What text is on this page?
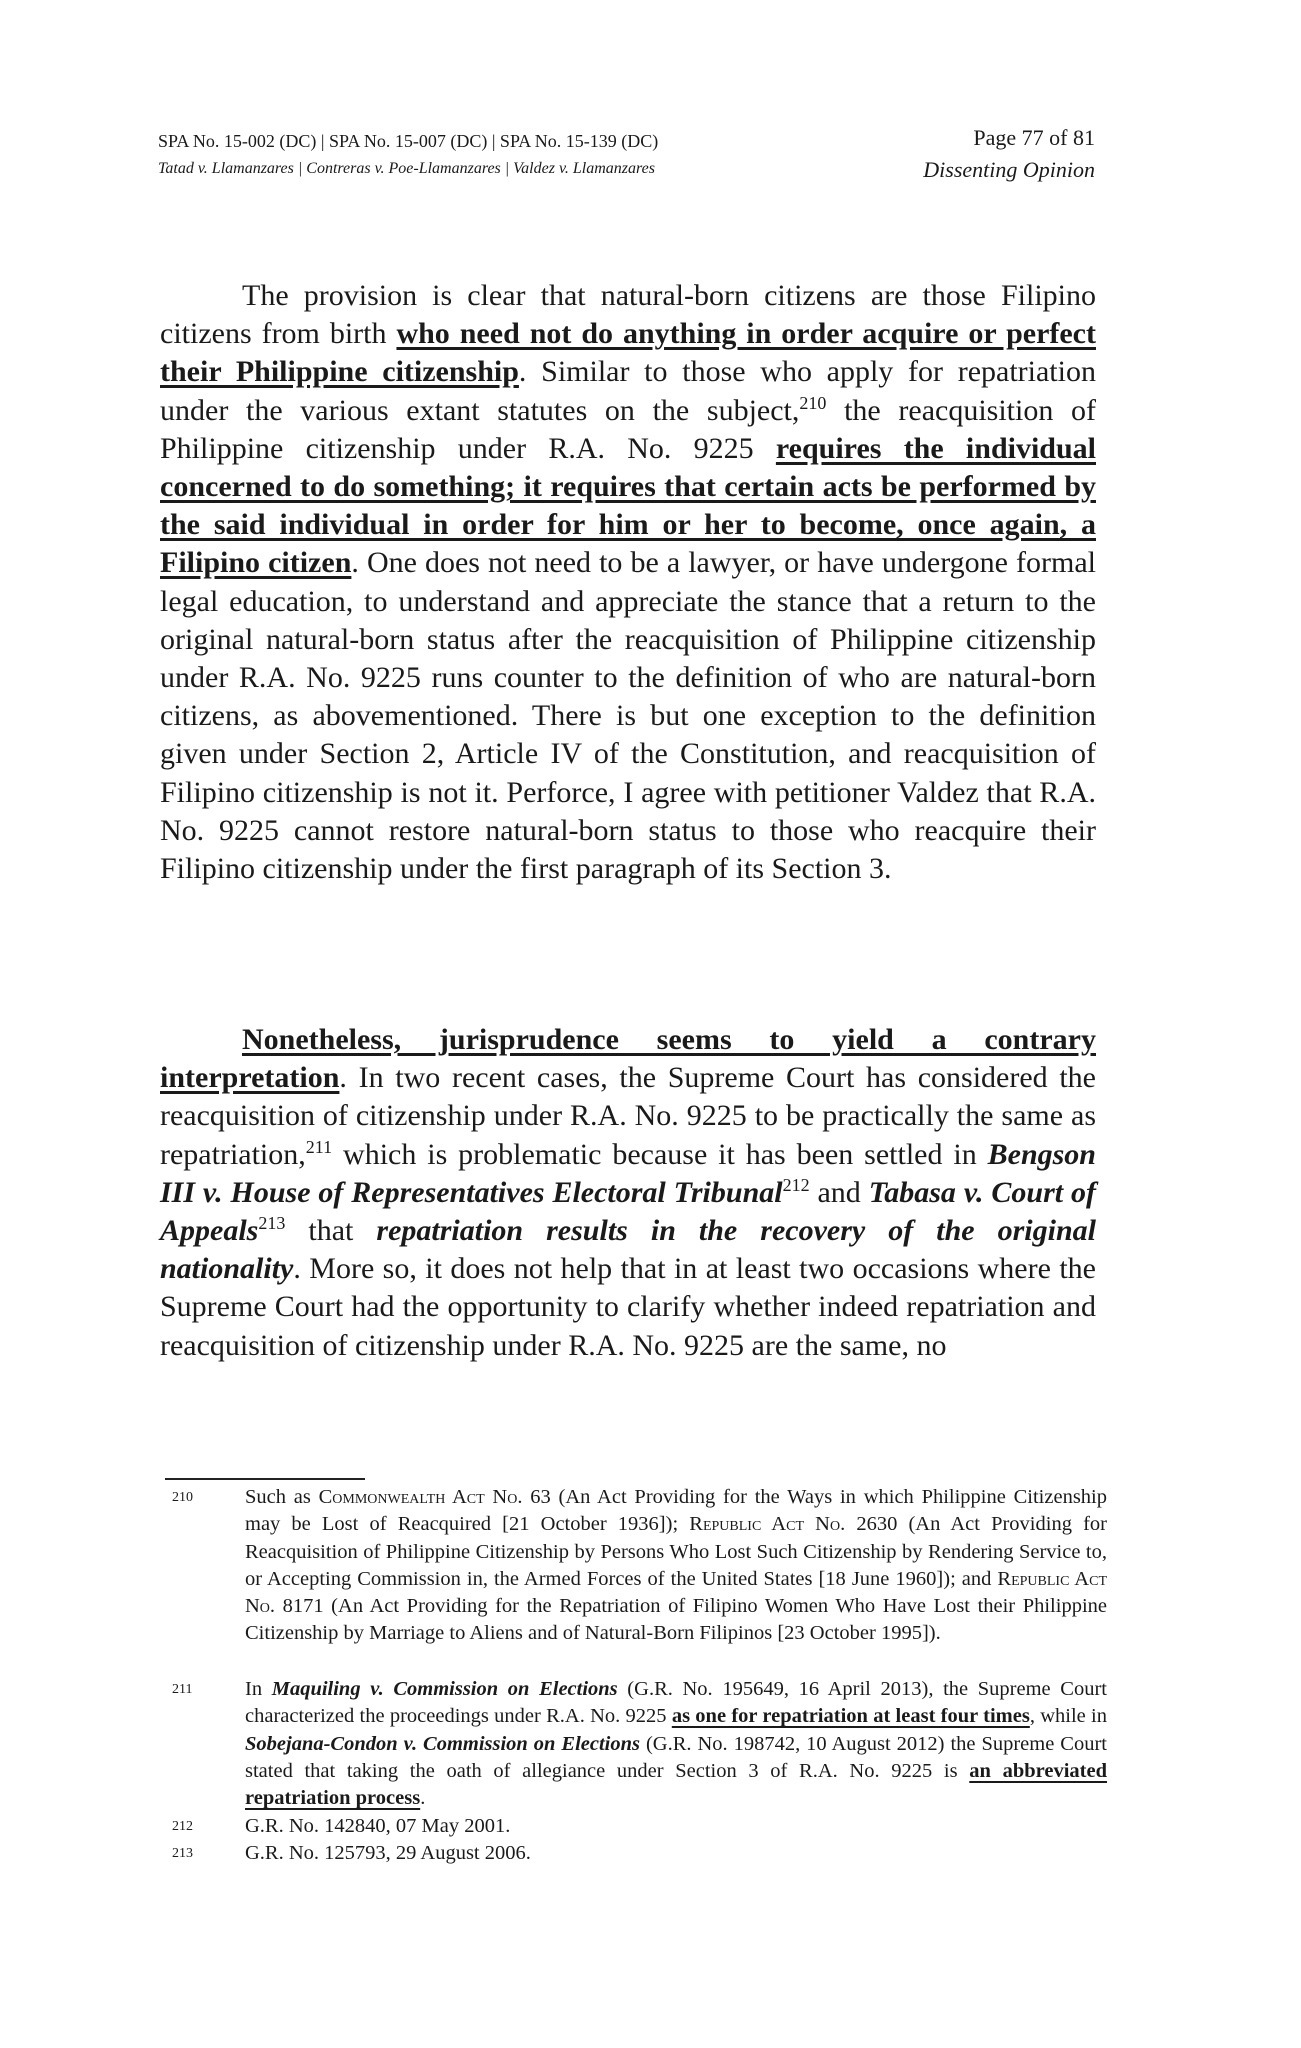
SPA No. 15-002 (DC) | SPA No. 15-007 (DC) | SPA No. 15-139 (DC)
Tatad v. Llamanzares | Contreras v. Poe-Llamanzares | Valdez v. Llamanzares
Page 77 of 81
Dissenting Opinion
The provision is clear that natural-born citizens are those Filipino citizens from birth who need not do anything in order acquire or perfect their Philippine citizenship. Similar to those who apply for repatriation under the various extant statutes on the subject,$^{210}$ the reacquisition of Philippine citizenship under R.A. No. 9225 requires the individual concerned to do something; it requires that certain acts be performed by the said individual in order for him or her to become, once again, a Filipino citizen. One does not need to be a lawyer, or have undergone formal legal education, to understand and appreciate the stance that a return to the original natural-born status after the reacquisition of Philippine citizenship under R.A. No. 9225 runs counter to the definition of who are natural-born citizens, as abovementioned. There is but one exception to the definition given under Section 2, Article IV of the Constitution, and reacquisition of Filipino citizenship is not it. Perforce, I agree with petitioner Valdez that R.A. No. 9225 cannot restore natural-born status to those who reacquire their Filipino citizenship under the first paragraph of its Section 3.
Nonetheless, jurisprudence seems to yield a contrary interpretation. In two recent cases, the Supreme Court has considered the reacquisition of citizenship under R.A. No. 9225 to be practically the same as repatriation,$^{211}$ which is problematic because it has been settled in Bengson III v. House of Representatives Electoral Tribunal$^{212}$ and Tabasa v. Court of Appeals$^{213}$ that repatriation results in the recovery of the original nationality. More so, it does not help that in at least two occasions where the Supreme Court had the opportunity to clarify whether indeed repatriation and reacquisition of citizenship under R.A. No. 9225 are the same, no
210	Such as Commonwealth Act No. 63 (An Act Providing for the Ways in which Philippine Citizenship may be Lost of Reacquired [21 October 1936]); Republic Act No. 2630 (An Act Providing for Reacquisition of Philippine Citizenship by Persons Who Lost Such Citizenship by Rendering Service to, or Accepting Commission in, the Armed Forces of the United States [18 June 1960]); and Republic Act No. 8171 (An Act Providing for the Repatriation of Filipino Women Who Have Lost their Philippine Citizenship by Marriage to Aliens and of Natural-Born Filipinos [23 October 1995]).
211	In Maquiling v. Commission on Elections (G.R. No. 195649, 16 April 2013), the Supreme Court characterized the proceedings under R.A. No. 9225 as one for repatriation at least four times, while in Sobejana-Condon v. Commission on Elections (G.R. No. 198742, 10 August 2012) the Supreme Court stated that taking the oath of allegiance under Section 3 of R.A. No. 9225 is an abbreviated repatriation process.
212	G.R. No. 142840, 07 May 2001.
213	G.R. No. 125793, 29 August 2006.
